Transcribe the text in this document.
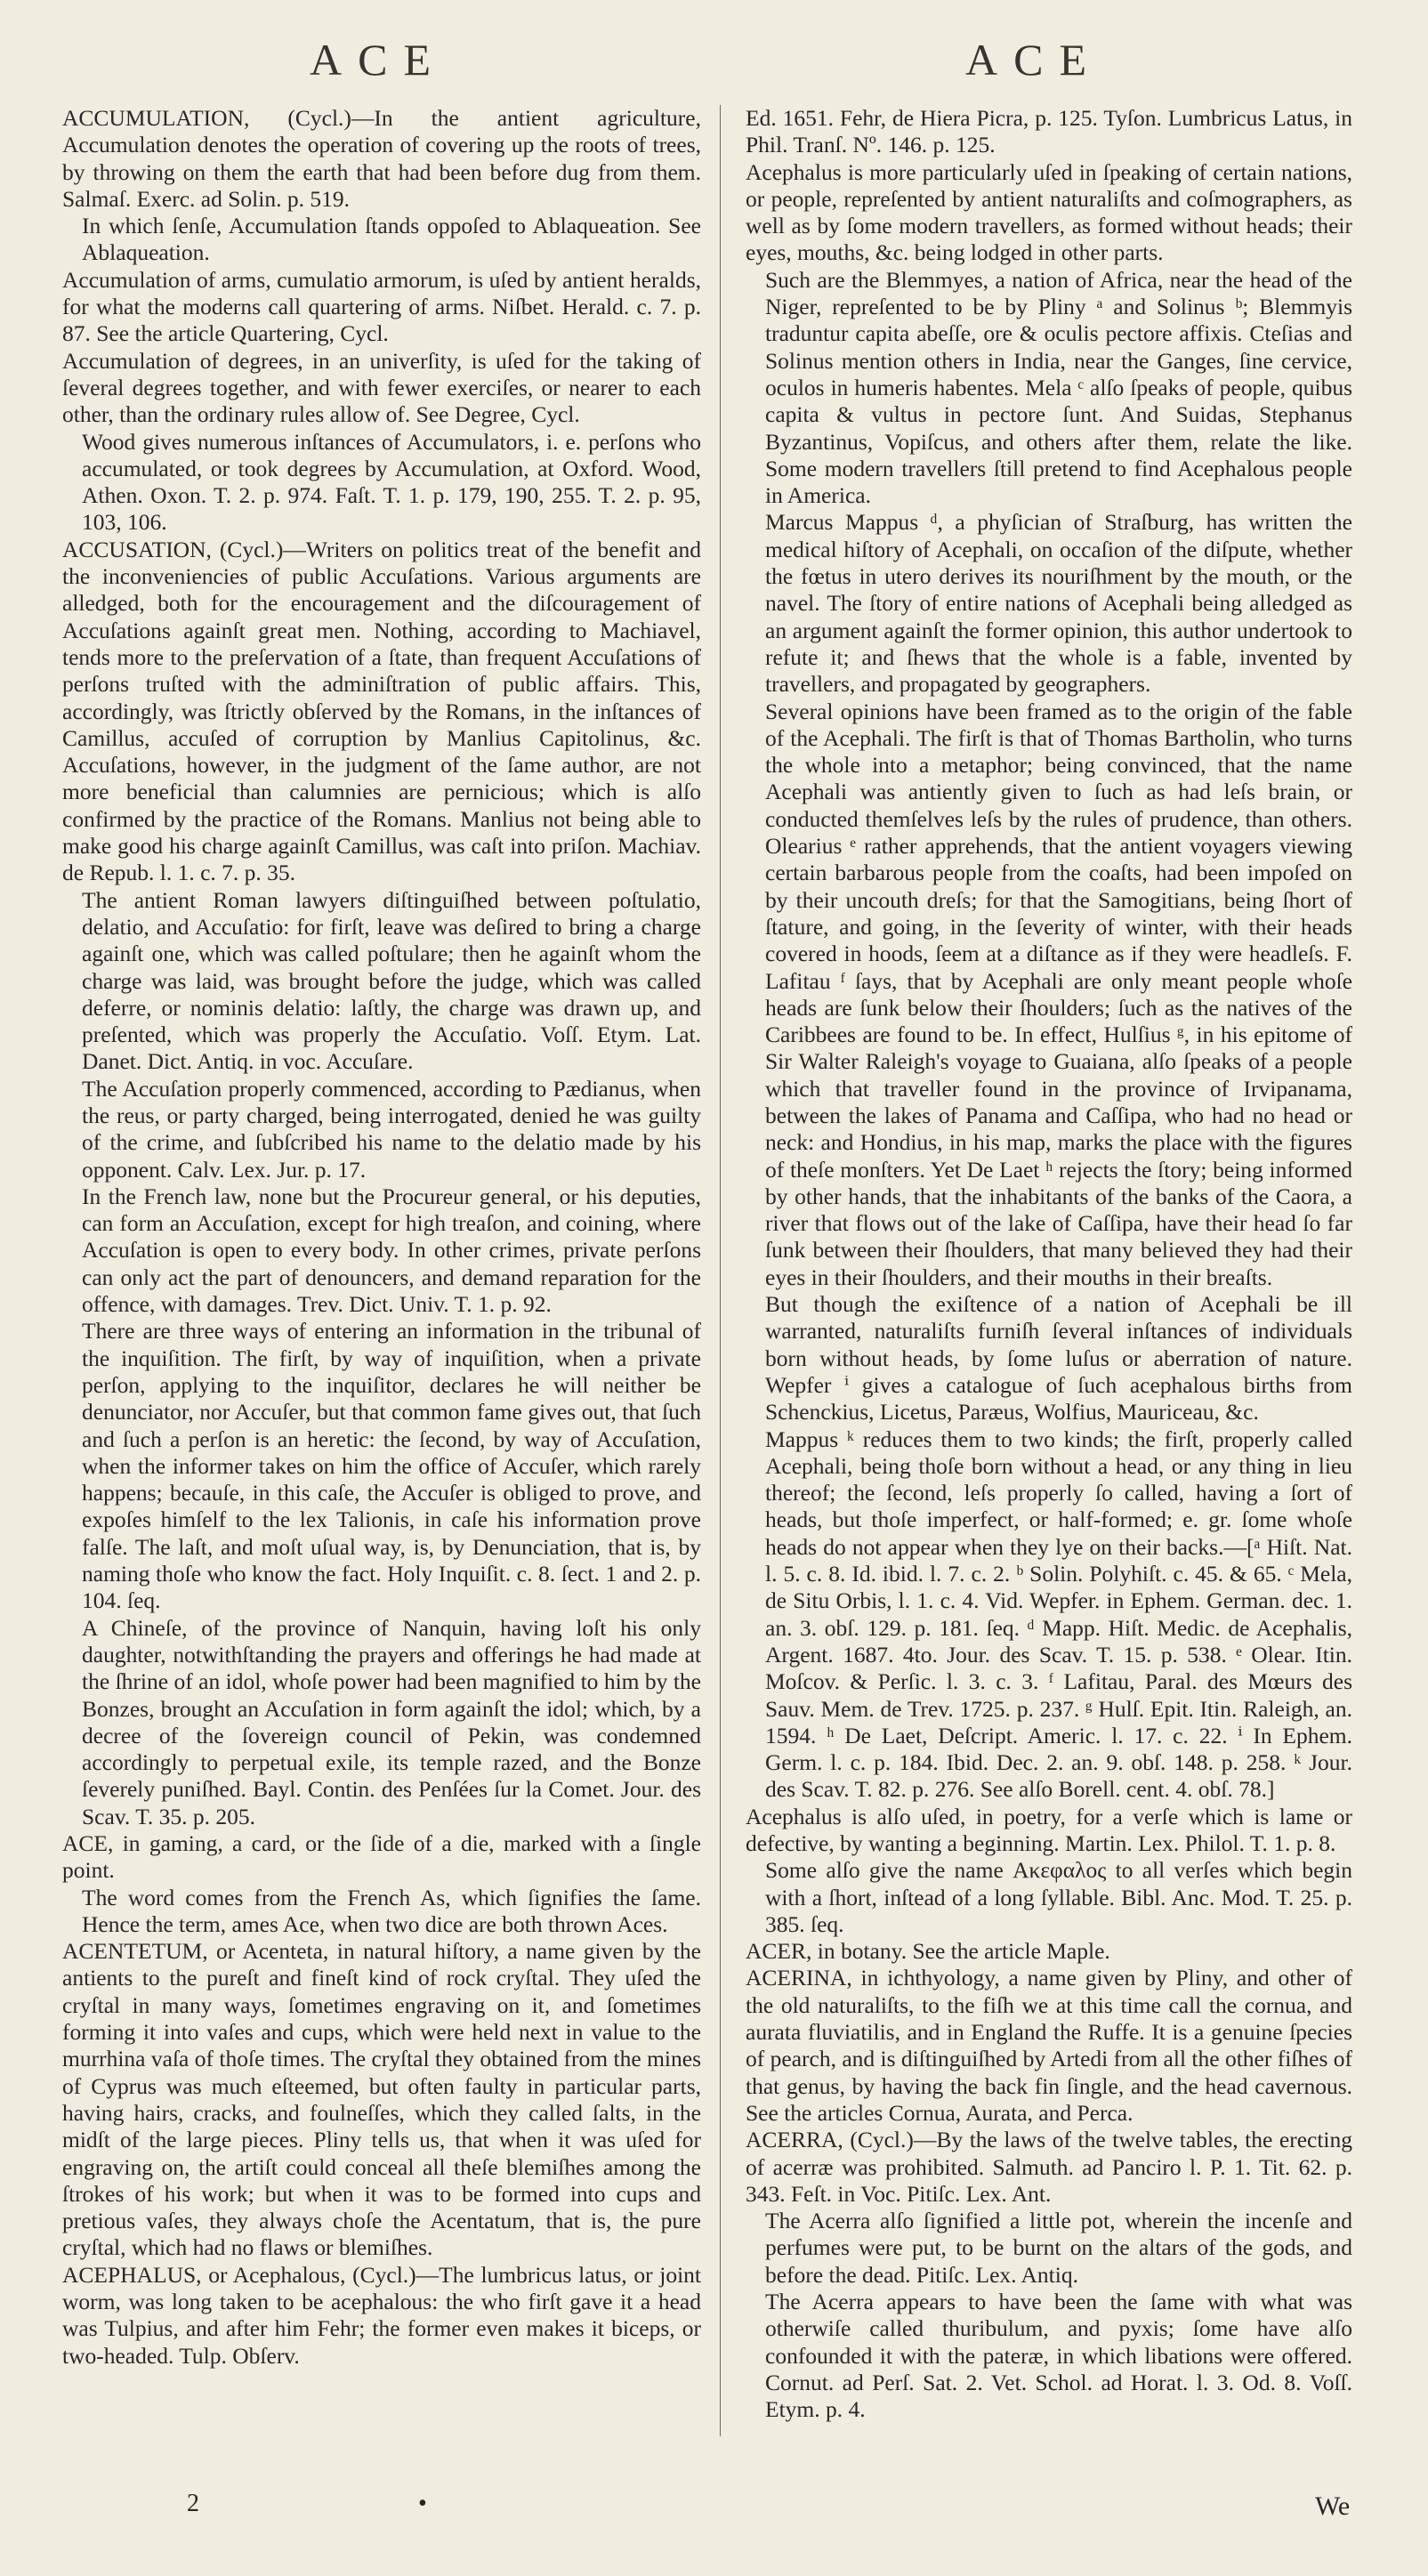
ACE	ACE

ACCUMULATION, (Cycl.)—In the antient agriculture, Accumulation denotes the operation of covering up the roots of trees, by throwing on them the earth that had been before dug from them. Salmaſ. Exerc. ad Solin. p. 519.

In which ſenſe, Accumulation ſtands oppoſed to Ablaqueation. See Ablaqueation.

Accumulation of arms, cumulatio armorum, is uſed by antient heralds, for what the moderns call quartering of arms. Niſbet. Herald. c. 7. p. 87. See the article Quartering, Cycl.

Accumulation of degrees, in an univerſity, is uſed for the taking of ſeveral degrees together, and with fewer exerciſes, or nearer to each other, than the ordinary rules allow of. See Degree, Cycl.

Wood gives numerous inſtances of Accumulators, i. e. perſons who accumulated, or took degrees by Accumulation, at Oxford. Wood, Athen. Oxon. T. 2. p. 974. Faſt. T. 1. p. 179, 190, 255. T. 2. p. 95, 103, 106.

ACCUSATION, (Cycl.)—Writers on politics treat of the benefit and the inconveniencies of public Accuſations. Various arguments are alledged, both for the encouragement and the diſcouragement of Accuſations againſt great men. Nothing, according to Machiavel, tends more to the preſervation of a ſtate, than frequent Accuſations of perſons truſted with the adminiſtration of public affairs. This, accordingly, was ſtrictly obſerved by the Romans, in the inſtances of Camillus, accuſed of corruption by Manlius Capitolinus, &c. Accuſations, however, in the judgment of the ſame author, are not more beneficial than calumnies are pernicious; which is alſo confirmed by the practice of the Romans. Manlius not being able to make good his charge againſt Camillus, was caſt into priſon. Machiav. de Repub. l. 1. c. 7. p. 35.

The antient Roman lawyers diſtinguiſhed between poſtulatio, delatio, and Accuſatio: for firſt, leave was deſired to bring a charge againſt one, which was called poſtulare; then he againſt whom the charge was laid, was brought before the judge, which was called deferre, or nominis delatio: laſtly, the charge was drawn up, and preſented, which was properly the Accuſatio. Voſſ. Etym. Lat. Danet. Dict. Antiq. in voc. Accuſare.

The Accuſation properly commenced, according to Pædianus, when the reus, or party charged, being interrogated, denied he was guilty of the crime, and ſubſcribed his name to the delatio made by his opponent. Calv. Lex. Jur. p. 17.

In the French law, none but the Procureur general, or his deputies, can form an Accuſation, except for high treaſon, and coining, where Accuſation is open to every body. In other crimes, private perſons can only act the part of denouncers, and demand reparation for the offence, with damages. Trev. Dict. Univ. T. 1. p. 92.

There are three ways of entering an information in the tribunal of the inquiſition. The firſt, by way of inquiſition, when a private perſon, applying to the inquiſitor, declares he will neither be denunciator, nor Accuſer, but that common fame gives out, that ſuch and ſuch a perſon is an heretic: the ſecond, by way of Accuſation, when the informer takes on him the office of Accuſer, which rarely happens; becauſe, in this caſe, the Accuſer is obliged to prove, and expoſes himſelf to the lex Talionis, in caſe his information prove falſe. The laſt, and moſt uſual way, is, by Denunciation, that is, by naming thoſe who know the fact. Holy Inquiſit. c. 8. ſect. 1 and 2. p. 104. ſeq.

A Chineſe, of the province of Nanquin, having loſt his only daughter, notwithſtanding the prayers and offerings he had made at the ſhrine of an idol, whoſe power had been magnified to him by the Bonzes, brought an Accuſation in form againſt the idol; which, by a decree of the ſovereign council of Pekin, was condemned accordingly to perpetual exile, its temple razed, and the Bonze ſeverely puniſhed. Bayl. Contin. des Penſées ſur la Comet. Jour. des Scav. T. 35. p. 205.

ACE, in gaming, a card, or the ſide of a die, marked with a ſingle point.

The word comes from the French As, which ſignifies the ſame. Hence the term, ames Ace, when two dice are both thrown Aces.

ACENTETUM, or Acenteta, in natural hiſtory, a name given by the antients to the pureſt and fineſt kind of rock cryſtal. They uſed the cryſtal in many ways, ſometimes engraving on it, and ſometimes forming it into vaſes and cups, which were held next in value to the murrhina vaſa of thoſe times. The cryſtal they obtained from the mines of Cyprus was much eſteemed, but often faulty in particular parts, having hairs, cracks, and foulneſſes, which they called ſalts, in the midſt of the large pieces. Pliny tells us, that when it was uſed for engraving on, the artiſt could conceal all theſe blemiſhes among the ſtrokes of his work; but when it was to be formed into cups and pretious vaſes, they always choſe the Acentatum, that is, the pure cryſtal, which had no flaws or blemiſhes.

ACEPHALUS, or Acephalous, (Cycl.)—The lumbricus latus, or joint worm, was long taken to be acephalous: the who firſt gave it a head was Tulpius, and after him Fehr; the former even makes it biceps, or two-headed. Tulp. Obſerv.

Ed. 1651. Fehr, de Hiera Picra, p. 125. Tyſon. Lumbricus Latus, in Phil. Tranſ. Nº. 146. p. 125.

Acephalus is more particularly uſed in ſpeaking of certain nations, or people, repreſented by antient naturaliſts and coſmographers, as well as by ſome modern travellers, as formed without heads; their eyes, mouths, &c. being lodged in other parts.

Such are the Blemmyes, a nation of Africa, near the head of the Niger, repreſented to be by Pliny ᵃ and Solinus ᵇ; Blemmyis traduntur capita abeſſe, ore & oculis pectore affixis. Cteſias and Solinus mention others in India, near the Ganges, ſine cervice, oculos in humeris habentes. Mela ᶜ alſo ſpeaks of people, quibus capita & vultus in pectore ſunt. And Suidas, Stephanus Byzantinus, Vopiſcus, and others after them, relate the like. Some modern travellers ſtill pretend to find Acephalous people in America.

Marcus Mappus ᵈ, a phyſician of Straſburg, has written the medical hiſtory of Acephali, on occaſion of the diſpute, whether the fœtus in utero derives its nouriſhment by the mouth, or the navel. The ſtory of entire nations of Acephali being alledged as an argument againſt the former opinion, this author undertook to refute it; and ſhews that the whole is a fable, invented by travellers, and propagated by geographers.

Several opinions have been framed as to the origin of the fable of the Acephali. The firſt is that of Thomas Bartholin, who turns the whole into a metaphor; being convinced, that the name Acephali was antiently given to ſuch as had leſs brain, or conducted themſelves leſs by the rules of prudence, than others. Olearius ᵉ rather apprehends, that the antient voyagers viewing certain barbarous people from the coaſts, had been impoſed on by their uncouth dreſs; for that the Samogitians, being ſhort of ſtature, and going, in the ſeverity of winter, with their heads covered in hoods, ſeem at a diſtance as if they were headleſs. F. Lafitau ᶠ ſays, that by Acephali are only meant people whoſe heads are ſunk below their ſhoulders; ſuch as the natives of the Caribbees are found to be. In effect, Hulſius ᵍ, in his epitome of Sir Walter Raleigh's voyage to Guaiana, alſo ſpeaks of a people which that traveller found in the province of Irvipanama, between the lakes of Panama and Caſſipa, who had no head or neck: and Hondius, in his map, marks the place with the figures of theſe monſters. Yet De Laet ʰ rejects the ſtory; being informed by other hands, that the inhabitants of the banks of the Caora, a river that flows out of the lake of Caſſipa, have their head ſo far ſunk between their ſhoulders, that many believed they had their eyes in their ſhoulders, and their mouths in their breaſts.

But though the exiſtence of a nation of Acephali be ill warranted, naturaliſts furniſh ſeveral inſtances of individuals born without heads, by ſome luſus or aberration of nature. Wepfer ⁱ gives a catalogue of ſuch acephalous births from Schenckius, Licetus, Paræus, Wolfius, Mauriceau, &c.

Mappus ᵏ reduces them to two kinds; the firſt, properly called Acephali, being thoſe born without a head, or any thing in lieu thereof; the ſecond, leſs properly ſo called, having a ſort of heads, but thoſe imperfect, or half-formed; e. gr. ſome whoſe heads do not appear when they lye on their backs.—[ᵃ Hiſt. Nat. l. 5. c. 8. Id. ibid. l. 7. c. 2. ᵇ Solin. Polyhiſt. c. 45. & 65. ᶜ Mela, de Situ Orbis, l. 1. c. 4. Vid. Wepfer. in Ephem. German. dec. 1. an. 3. obſ. 129. p. 181. ſeq. ᵈ Mapp. Hiſt. Medic. de Acephalis, Argent. 1687. 4to. Jour. des Scav. T. 15. p. 538. ᵉ Olear. Itin. Moſcov. & Perſic. l. 3. c. 3. ᶠ Lafitau, Paral. des Mœurs des Sauv. Mem. de Trev. 1725. p. 237. ᵍ Hulſ. Epit. Itin. Raleigh, an. 1594. ʰ De Laet, Deſcript. Americ. l. 17. c. 22. ⁱ In Ephem. Germ. l. c. p. 184. Ibid. Dec. 2. an. 9. obſ. 148. p. 258. ᵏ Jour. des Scav. T. 82. p. 276. See alſo Borell. cent. 4. obſ. 78.]

Acephalus is alſo uſed, in poetry, for a verſe which is lame or defective, by wanting a beginning. Martin. Lex. Philol. T. 1. p. 8.

Some alſo give the name Ακεφαλος to all verſes which begin with a ſhort, inſtead of a long ſyllable. Bibl. Anc. Mod. T. 25. p. 385. ſeq.

ACER, in botany. See the article Maple.

ACERINA, in ichthyology, a name given by Pliny, and other of the old naturaliſts, to the fiſh we at this time call the cornua, and aurata fluviatilis, and in England the Ruffe. It is a genuine ſpecies of pearch, and is diſtinguiſhed by Artedi from all the other fiſhes of that genus, by having the back fin ſingle, and the head cavernous. See the articles Cornua, Aurata, and Perca.

ACERRA, (Cycl.)—By the laws of the twelve tables, the erecting of acerræ was prohibited. Salmuth. ad Panciro l. P. 1. Tit. 62. p. 343. Feſt. in Voc. Pitiſc. Lex. Ant.

The Acerra alſo ſignified a little pot, wherein the incenſe and perfumes were put, to be burnt on the altars of the gods, and before the dead. Pitiſc. Lex. Antiq.

The Acerra appears to have been the ſame with what was otherwiſe called thuribulum, and pyxis; ſome have alſo confounded it with the pateræ, in which libations were offered. Cornut. ad Perſ. Sat. 2. Vet. Schol. ad Horat. l. 3. Od. 8. Voſſ. Etym. p. 4.

2	•	We
